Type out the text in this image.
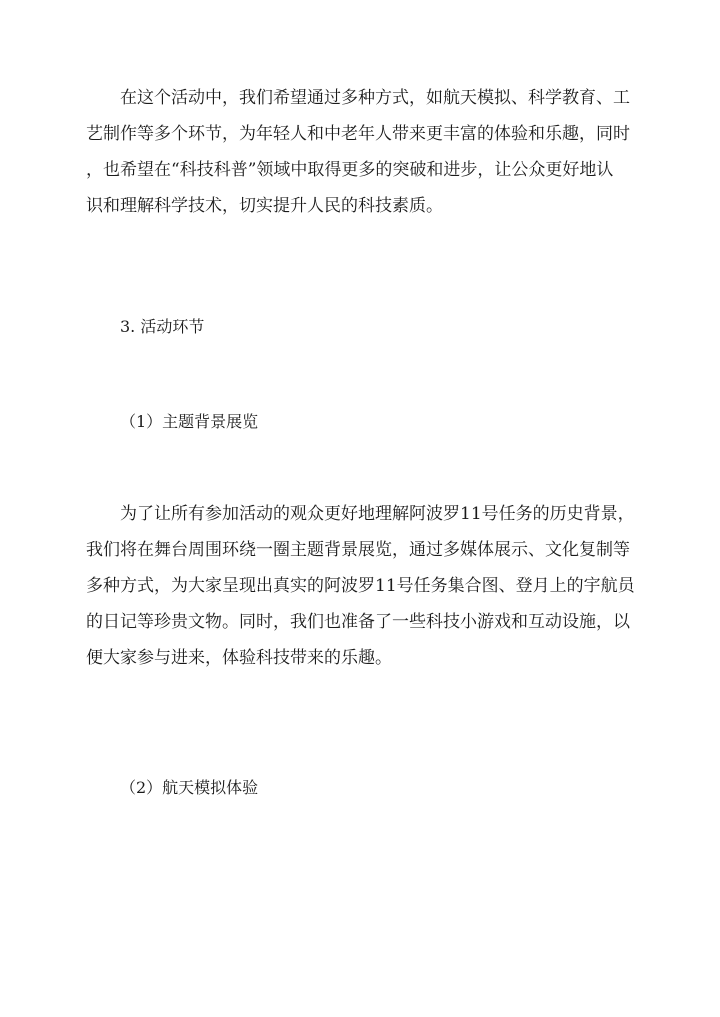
　　在这个活动中，我们希望通过多种方式，如航天模拟、科学教育、工
艺制作等多个环节，为年轻人和中老年人带来更丰富的体验和乐趣，同时
，也希望在“科技科普”领域中取得更多的突破和进步，让公众更好地认
识和理解科学技术，切实提升人民的科技素质。
3. 活动环节
（1）主题背景展览
　　为了让所有参加活动的观众更好地理解阿波罗11号任务的历史背景，
我们将在舞台周围环绕一圈主题背景展览，通过多媒体展示、文化复制等
多种方式，为大家呈现出真实的阿波罗11号任务集合图、登月上的宇航员
的日记等珍贵文物。同时，我们也准备了一些科技小游戏和互动设施，以
便大家参与进来，体验科技带来的乐趣。
（2）航天模拟体验
